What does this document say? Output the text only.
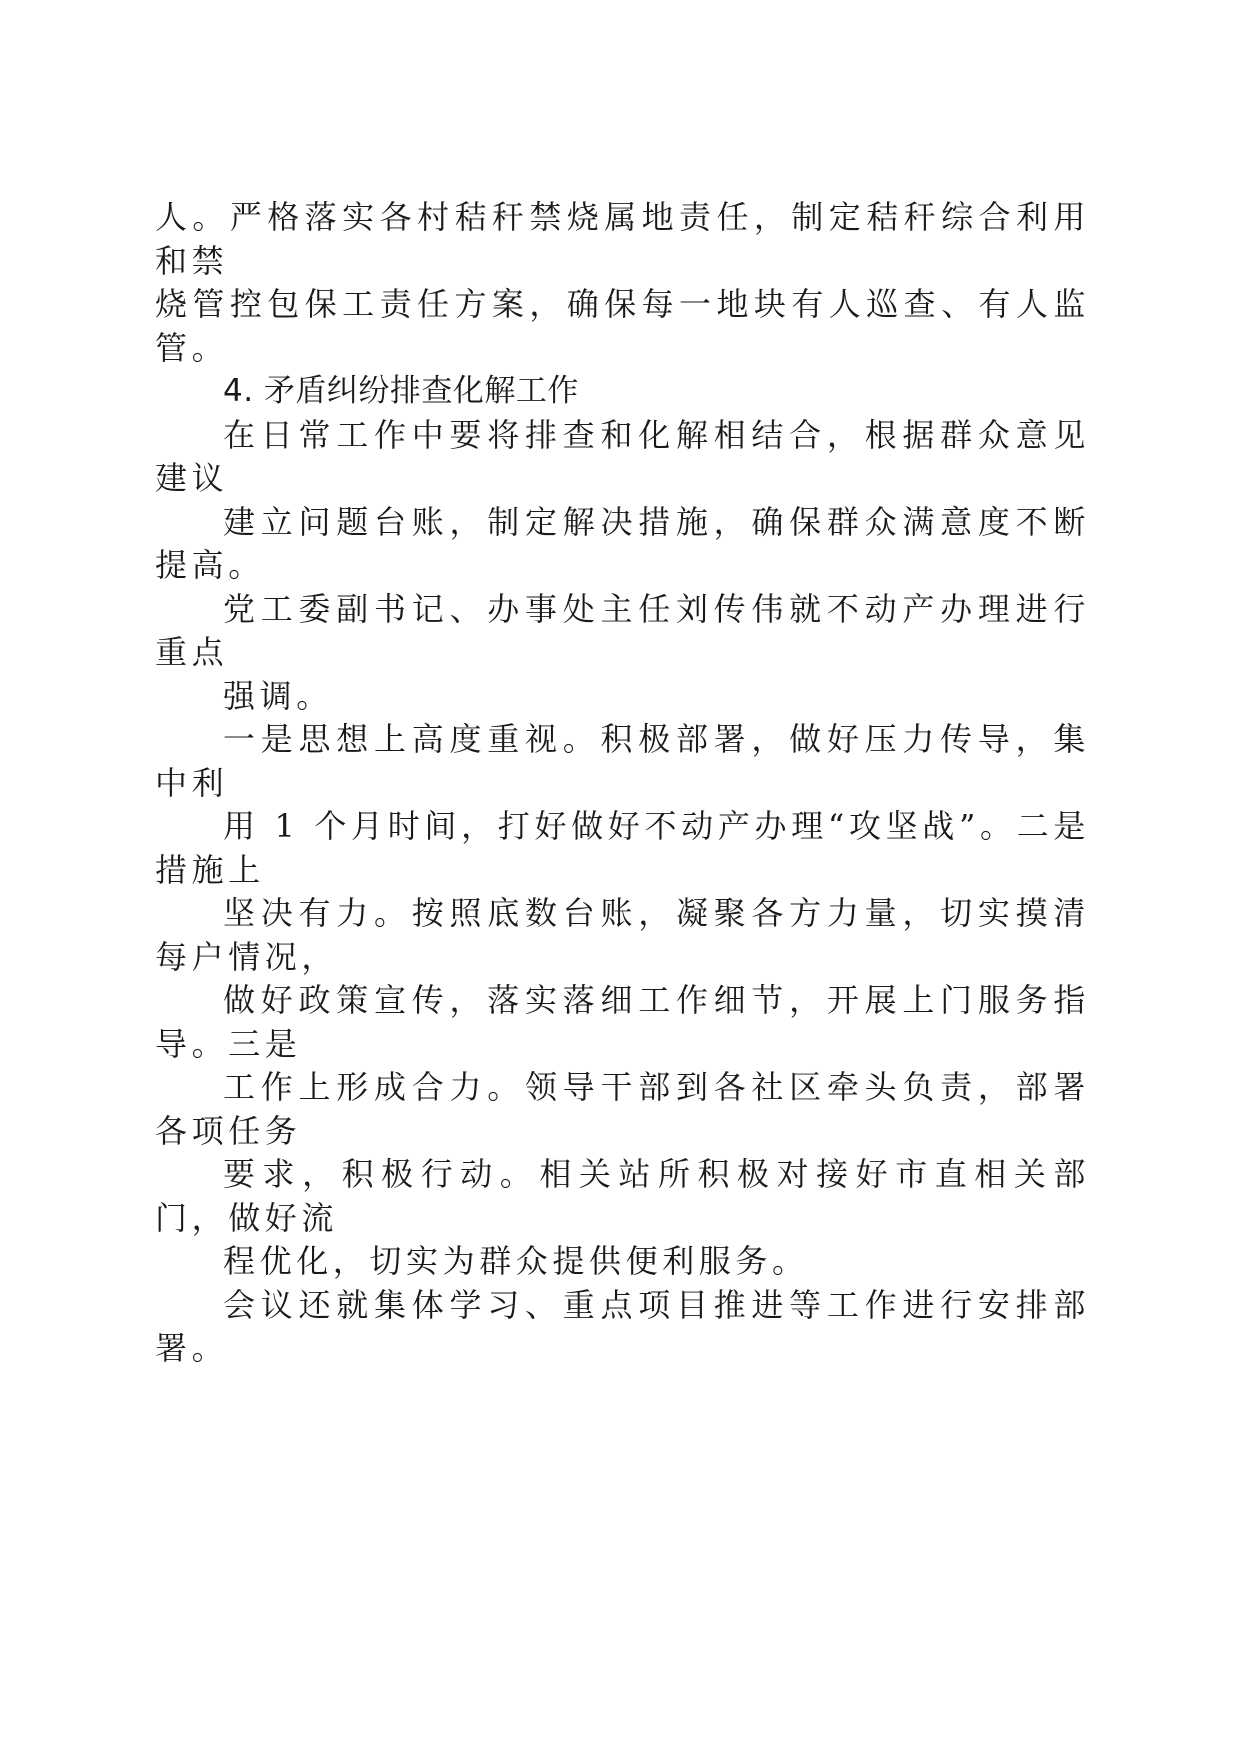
人。严格落实各村秸秆禁烧属地责任，制定秸秆综合利用和禁
烧管控包保工责任方案，确保每一地块有人巡查、有人监管。

4. 矛盾纠纷排查化解工作

在日常工作中要将排查和化解相结合，根据群众意见建议
建立问题台账，制定解决措施，确保群众满意度不断提高。

党工委副书记、办事处主任刘传伟就不动产办理进行重点
强调。

一是思想上高度重视。积极部署，做好压力传导，集中利
用 1 个月时间，打好做好不动产办理“攻坚战”。二是措施上
坚决有力。按照底数台账，凝聚各方力量，切实摸清每户情况，
做好政策宣传，落实落细工作细节，开展上门服务指导。三是
工作上形成合力。领导干部到各社区牵头负责，部署各项任务
要求，积极行动。相关站所积极对接好市直相关部门，做好流
程优化，切实为群众提供便利服务。

会议还就集体学习、重点项目推进等工作进行安排部署。
